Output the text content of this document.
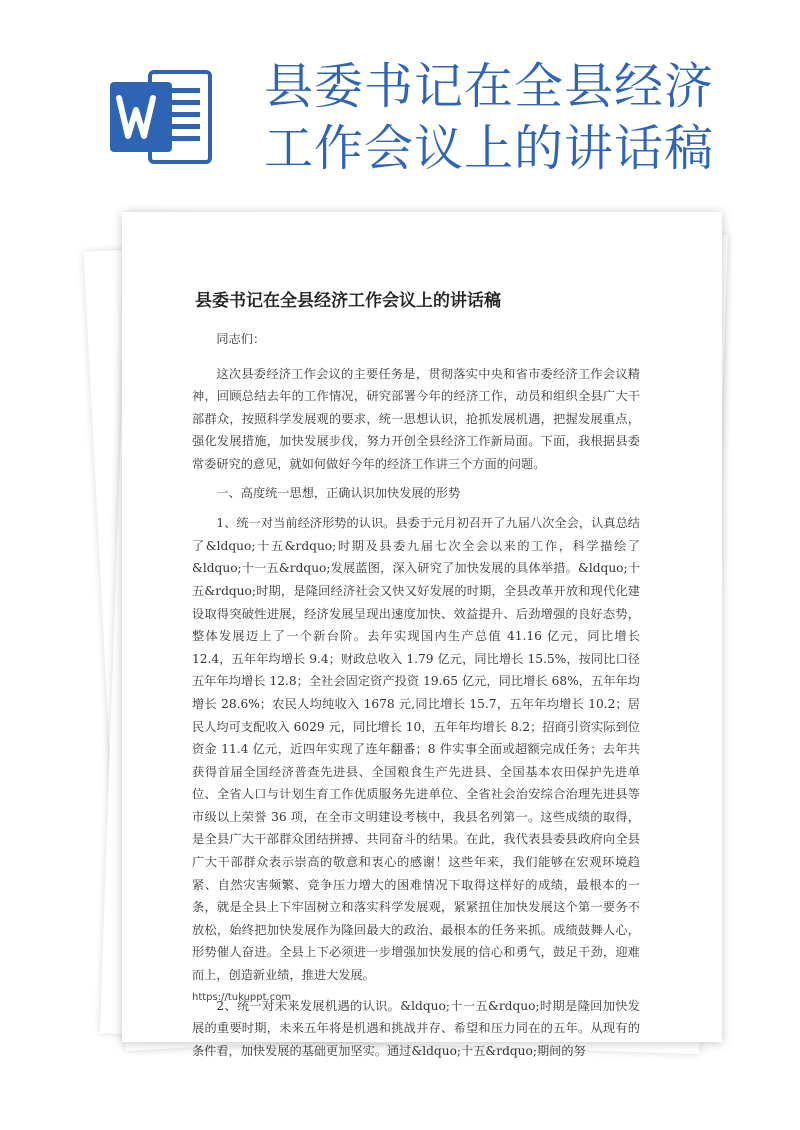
县委书记在全县经济工作会议上的讲话稿
县委书记在全县经济工作会议上的讲话稿

同志们：

这次县委经济工作会议的主要任务是，贯彻落实中央和省市委经济工作会议精神，回顾总结去年的工作情况，研究部署今年的经济工作，动员和组织全县广大干部群众，按照科学发展观的要求，统一思想认识，抢抓发展机遇，把握发展重点，强化发展措施，加快发展步伐，努力开创全县经济工作新局面。下面，我根据县委常委研究的意见，就如何做好今年的经济工作讲三个方面的问题。

一、高度统一思想，正确认识加快发展的形势

1、统一对当前经济形势的认识。县委于元月初召开了九届八次全会，认真总结了&ldquo;十五&rdquo;时期及县委九届七次全会以来的工作，科学描绘了&ldquo;十一五&rdquo;发展蓝图，深入研究了加快发展的具体举措。&ldquo;十五&rdquo;时期，是隆回经济社会又快又好发展的时期，全县改革开放和现代化建设取得突破性进展，经济发展呈现出速度加快、效益提升、后劲增强的良好态势，整体发展迈上了一个新台阶。去年实现国内生产总值 41.16 亿元，同比增长 12.4，五年年均增长 9.4；财政总收入 1.79 亿元，同比增长 15.5%，按同比口径五年年均增长 12.8；全社会固定资产投资 19.65 亿元，同比增长 68%，五年年均增长 28.6%；农民人均纯收入 1678 元,同比增长 15.7，五年年均增长 10.2；居民人均可支配收入 6029 元，同比增长 10，五年年均增长 8.2；招商引资实际到位资金 11.4 亿元，近四年实现了连年翻番；8 件实事全面或超额完成任务；去年共获得首届全国经济普查先进县、全国粮食生产先进县、全国基本农田保护先进单位、全省人口与计划生育工作优质服务先进单位、全省社会治安综合治理先进县等市级以上荣誉 36 项，在全市文明建设考核中，我县名列第一。这些成绩的取得，是全县广大干部群众团结拼搏、共同奋斗的结果。在此，我代表县委县政府向全县广大干部群众表示崇高的敬意和衷心的感谢！这些年来，我们能够在宏观环境趋紧、自然灾害频繁、竞争压力增大的困难情况下取得这样好的成绩，最根本的一条，就是全县上下牢固树立和落实科学发展观，紧紧扭住加快发展这个第一要务不放松，始终把加快发展作为隆回最大的政治、最根本的任务来抓。成绩鼓舞人心，形势催人奋进。全县上下必须进一步增强加快发展的信心和勇气，鼓足干劲，迎难而上，创造新业绩，推进大发展。

2、统一对未来发展机遇的认识。&ldquo;十一五&rdquo;时期是隆回加快发展的重要时期，未来五年将是机遇和挑战并存、希望和压力同在的五年。从现有的条件看，加快发展的基础更加坚实。通过&ldquo;十五&rdquo;期间的努

https://tukuppt.com
